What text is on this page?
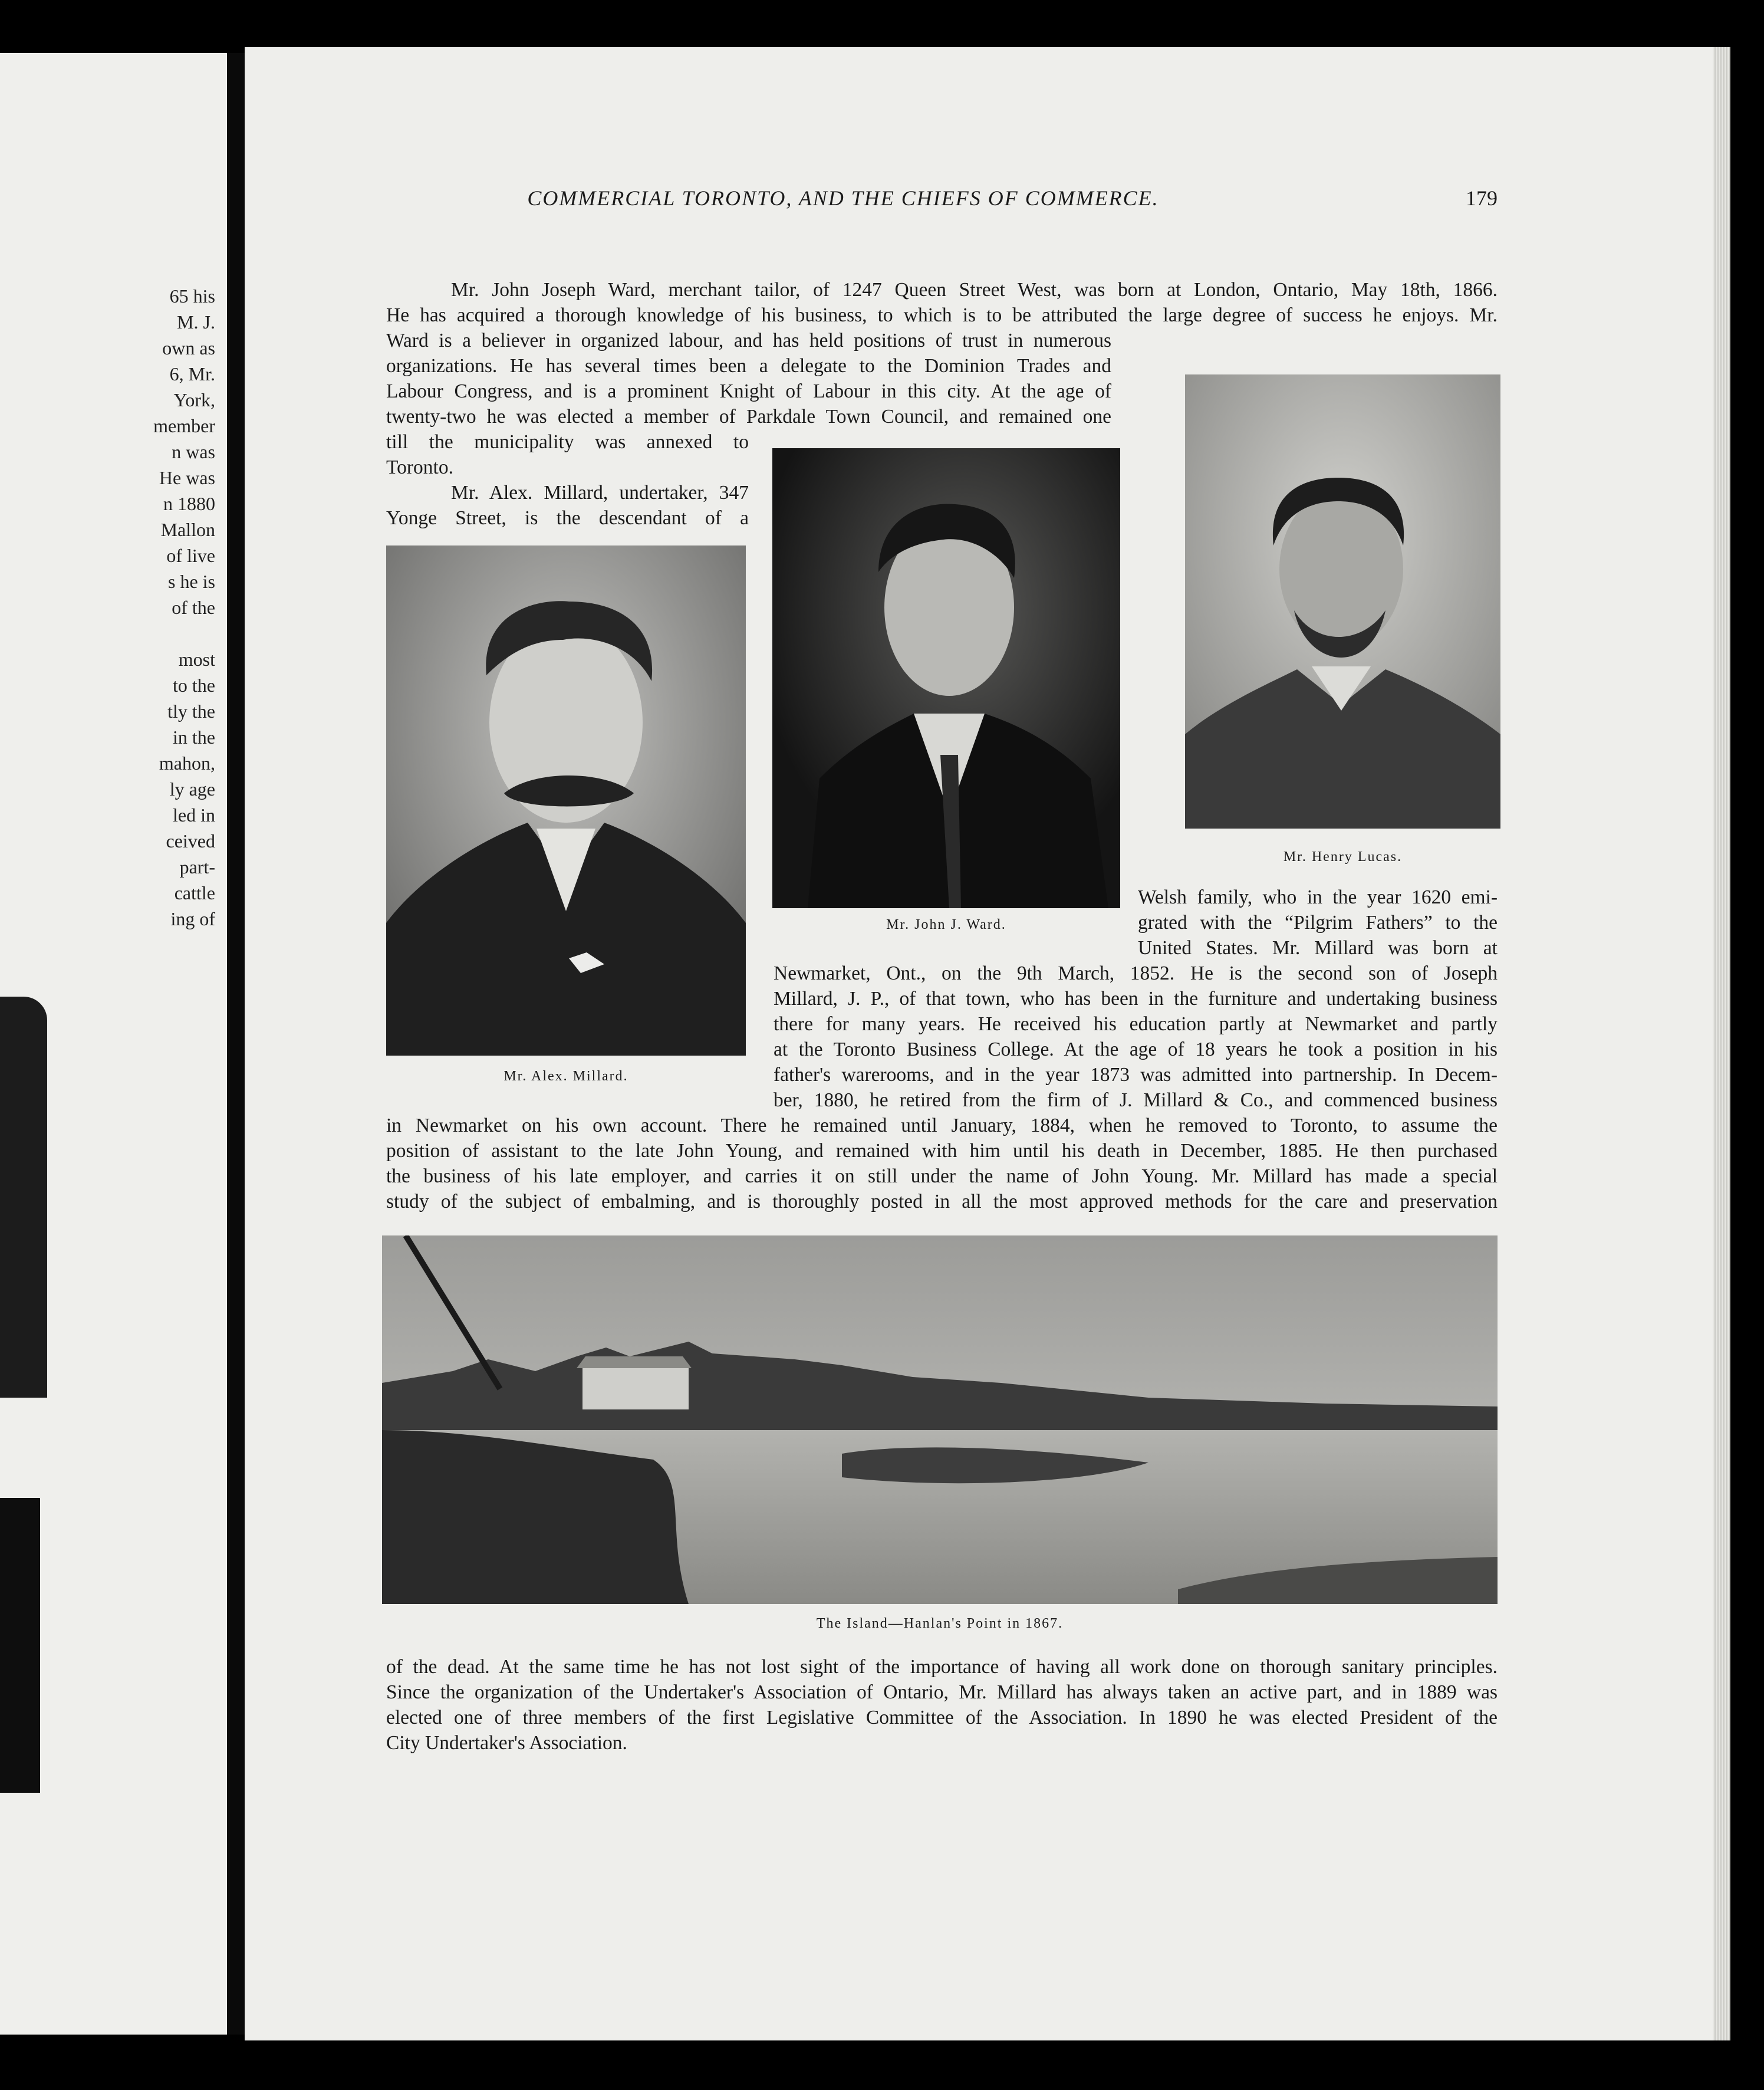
65 his
M. J.
own as
6, Mr.
York,
member
n was
He was
n 1880
Mallon
of live
s he is
of the

most
to the
tly the
in the
mahon,
ly age
led in
ceived
part-
cattle
ing of
COMMERCIAL TORONTO, AND THE CHIEFS OF COMMERCE.	179
Mr. John Joseph Ward, merchant tailor, of 1247 Queen Street West, was born at London, Ontario, May 18th, 1866.
He has acquired a thorough knowledge of his business, to which is to be attributed the large degree of success he enjoys. Mr.
Ward is a believer in organized labour, and has held positions of trust in numerous
organizations. He has several times been a delegate to the Dominion Trades and
Labour Congress, and is a prominent Knight of Labour in this city. At the age of
twenty-two he was elected a member of Parkdale Town Council, and remained one
till the municipality was annexed to
Toronto.
Mr. Alex. Millard, undertaker, 347
Yonge Street, is the descendant of a
Mr. Alex. Millard.
Mr. John J. Ward.
Mr. Henry Lucas.
Welsh family, who in the year 1620 emi-
grated with the “Pilgrim Fathers” to the
United States. Mr. Millard was born at
Newmarket, Ont., on the 9th March, 1852. He is the second son of Joseph
Millard, J. P., of that town, who has been in the furniture and undertaking business
there for many years. He received his education partly at Newmarket and partly
at the Toronto Business College. At the age of 18 years he took a position in his
father's warerooms, and in the year 1873 was admitted into partnership. In Decem-
ber, 1880, he retired from the firm of J. Millard & Co., and commenced business
in Newmarket on his own account. There he remained until January, 1884, when he removed to Toronto, to assume the
position of assistant to the late John Young, and remained with him until his death in December, 1885. He then purchased
the business of his late employer, and carries it on still under the name of John Young. Mr. Millard has made a special
study of the subject of embalming, and is thoroughly posted in all the most approved methods for the care and preservation
The Island—Hanlan's Point in 1867.
of the dead. At the same time he has not lost sight of the importance of having all work done on thorough sanitary principles.
Since the organization of the Undertaker's Association of Ontario, Mr. Millard has always taken an active part, and in 1889 was
elected one of three members of the first Legislative Committee of the Association. In 1890 he was elected President of the
City Undertaker's Association.
